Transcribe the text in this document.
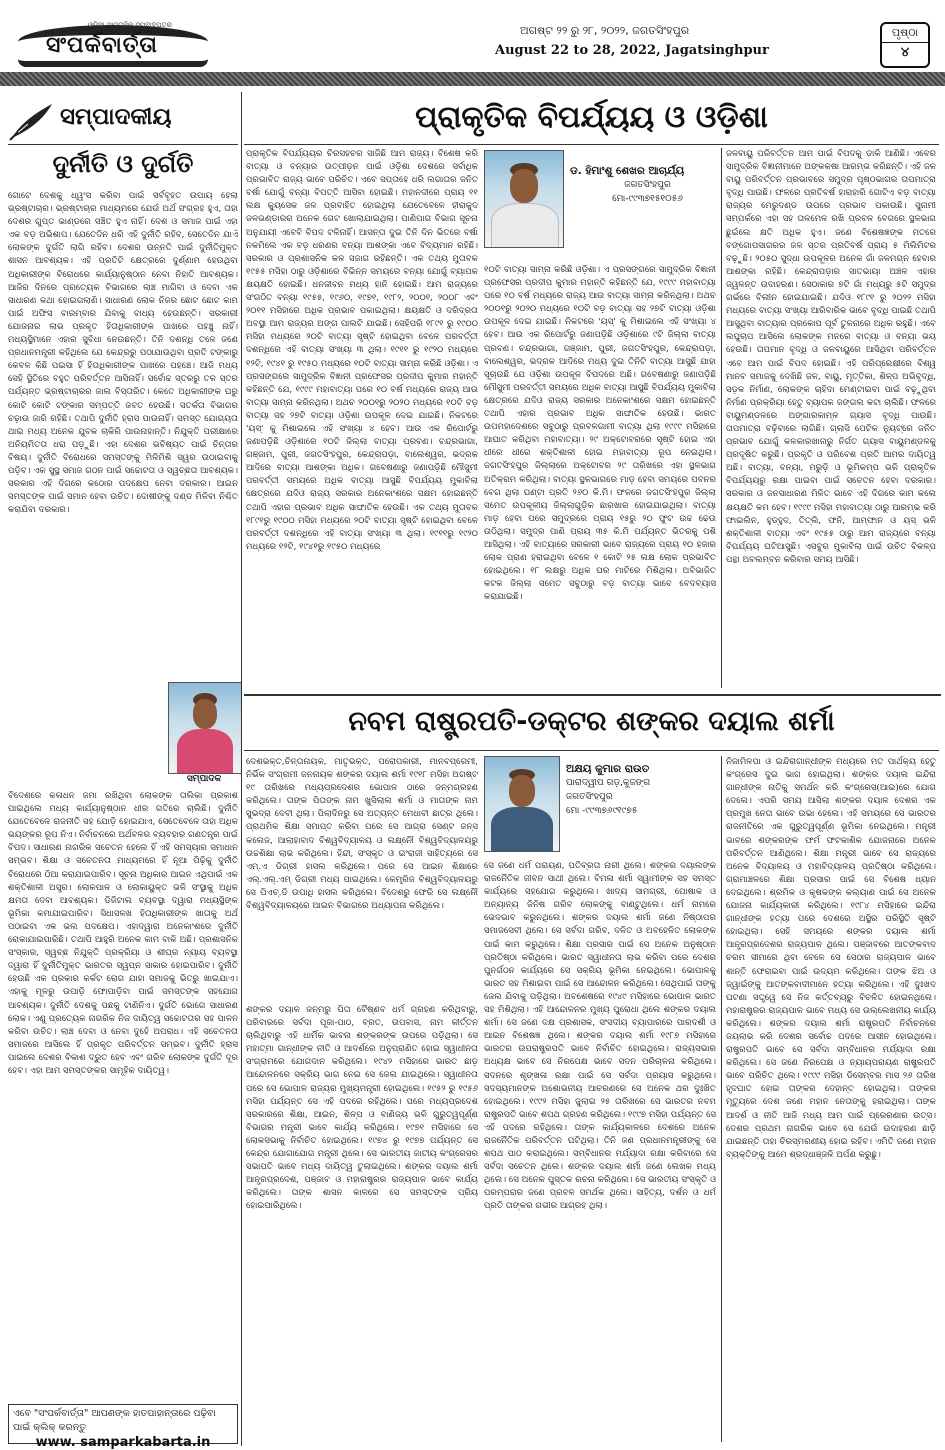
ଓଡ଼ିଆ ସାପ୍ତାହିକ ସମ୍ବାଦପତ୍ର
ସଂପର୍କବାର୍ତ୍ତା
ଅଗଷ୍ଟ ୨୨ ରୁ ୨୮, ୨୦୨୨, ଜଗତସିଂହପୁର
August 22 to 28, 2022, Jagatsinghpur
ପୃଷ୍ଠା
୪
ସମ୍ପାଦକୀୟ
ଦୁର୍ନୀତି ଓ ଦୁର୍ଗତି
ଗୋଟେ ଦେଶକୁ ଧ୍ୱଂସ କରିବା ପାଇଁ ସର୍ବବୃହତ ଉପାୟ ହେଲା ଭ୍ରଷ୍ଟାଚାର। ଭ୍ରଷ୍ଟାଚାର ମାଧ୍ୟମରେ ଯେଉଁ ଅର୍ଥ ସଂଗ୍ରହ ହୁଏ, ତାହା ଦେଶର ଗୁପ୍ତ ଭାଣ୍ଡରେ ସଞ୍ଚିତ ହୁଏ ନାହିଁ। ଦେଶ ଓ ସମାଜ ପାଇଁ ଏହା ଏକ ବଡ଼ ଅଭିଶାପ। ଯେତେଦିନ ଧରି ଏହି ଦୁର୍ନୀତି ରହିବ, ସେତେଦିନ ଯାଏଁ ଲୋକଙ୍କ ଦୁର୍ଗତି ଲାଗି ରହିବ। ଦେଶର ଉନ୍ନତି ପାଇଁ ଦୁର୍ନୀତିମୁକ୍ତ ଶାସନ ଆବଶ୍ୟକ। ଏହି ପ୍ରତିଟି କ୍ଷେତ୍ରରେ ଦୁର୍ଣ୍ଣାମ ହେଉଥିବା ଅଧିକାରୀଙ୍କ ବିରୋଧରେ କାର୍ଯ୍ୟାନୁଷ୍ଠାନ ନେବା ନିହାତି ଆବଶ୍ୟକ। ଆଜିର ଦିନରେ ପ୍ରତ୍ୟେକ ବିଭାଗରେ ଲାଞ୍ଚ ମାଗିବା ଓ ଦେବା ଏକ ସାଧାରଣ କଥା ହୋଇଗଲାଣି। ସାଧାରଣ ଲୋକ ନିଜର ଛୋଟ ଛୋଟ କାମ ପାଇଁ ଅଫିସ ବାରମ୍ବାର ଯିବାକୁ ବାଧ୍ୟ ହେଉଛନ୍ତି। ସରକାରୀ ଯୋଜନାର ଲାଭ ପ୍ରକୃତ ହିତାଧିକାରୀଙ୍କ ପାଖରେ ପହଞ୍ଚୁ ନାହିଁ। ମଧ୍ୟସ୍ଥିମାନେ ଏହାର ସୁବିଧା ନେଉଛନ୍ତି। ତିନି ଦଶନ୍ଧି ତଳେ ଜଣେ ପ୍ରଧାନମନ୍ତ୍ରୀ କହିଥିଲେ ଯେ କେନ୍ଦ୍ରରୁ ପଠାଯାଉଥିବା ପ୍ରତି ଟଙ୍କାରୁ କେବଳ କିଛି ପଇସା ହିଁ ହିତାଧିକାରୀଙ୍କ ପାଖରେ ପହଞ୍ଚେ। ଆଜି ମଧ୍ୟ ସେହି ସ୍ଥିତିରେ ବହୁତ ପରିବର୍ତ୍ତନ ଆସିନାହିଁ। ସର୍ବୋଚ୍ଚ ସ୍ତରରୁ ତଳ ସ୍ତର ପର୍ଯ୍ୟନ୍ତ ଭ୍ରଷ୍ଟାଚାରର ଜାଲ ବିସ୍ତାରିତ। କେତେ ଅଧିକାରୀଙ୍କ ଘରୁ କୋଟି କୋଟି ଟଙ୍କାର ସମ୍ପତ୍ତି ଜବତ ହେଉଛି। ସତର୍କତା ବିଭାଗର ଚଢ଼ାଉ ଜାରି ରହିଛି। ତଥାପି ଦୁର୍ନୀତି ହ୍ରାସ ପାଉନାହିଁ। ସମସ୍ତ ଯୋଗ୍ୟତା ଥାଇ ମଧ୍ୟ ଅନେକ ଯୁବକ ଚାକିରି ପାଉନାହାନ୍ତି। ନିଯୁକ୍ତି ପରୀକ୍ଷାରେ ଅନିୟମିତତା ଧରା ପଡ଼ୁଛି। ଏହା ଦେଶର ଭବିଷ୍ୟତ ପାଇଁ ଚିନ୍ତାର ବିଷୟ। ଦୁର୍ନୀତି ବିରୋଧରେ ସମସ୍ତଙ୍କୁ ମିଳିମିଶି ସ୍ୱର ଉଠାଇବାକୁ ପଡ଼ିବ। ଏକ ସୁସ୍ଥ ସମାଜ ଗଠନ ପାଇଁ ସଚ୍ଚୋଟତା ଓ ସ୍ୱଚ୍ଛତା ଆବଶ୍ୟକ। ସରକାର ଏହି ଦିଗରେ କଠୋର ପଦକ୍ଷେପ ନେବା ଦରକାର। ଆଇନ ସମସ୍ତଙ୍କ ପାଇଁ ସମାନ ହେବା ଉଚିତ। ଦୋଷୀଙ୍କୁ ଦଣ୍ଡ ମିଳିବା ନିଶ୍ଚିତ କରାଯିବା ଦରକାର।
ସମ୍ପାଦକ
ବିଦେଶରେ କଳାଧନ ଜମା ରଖିଥିବା ଲୋକଙ୍କ ତାଲିକା ପ୍ରକାଶ ପାଇଥିଲେ ମଧ୍ୟ କାର୍ଯ୍ୟାନୁଷ୍ଠାନ ଧୀର ଗତିରେ ଚାଲିଛି। ଦୁର୍ନୀତି ଯେତେବେଳେ ରାଜନୀତି ସହ ଯୋଡ଼ି ହୋଇଯାଏ, ସେତେବେଳେ ତାହା ଅଧିକ ଭୟଙ୍କର ରୂପ ନିଏ। ନିର୍ବାଚନରେ ଅର୍ଥବଳର ବ୍ୟବହାର ଗଣତନ୍ତ୍ର ପାଇଁ ବିପଦ। ସାଧାରଣ ନାଗରିକ ସଚେତନ ହେଲେ ହିଁ ଏହି ସମସ୍ୟାର ସମାଧାନ ସମ୍ଭବ। ଶିକ୍ଷା ଓ ସଚେତନତା ମାଧ୍ୟମରେ ହିଁ ନୂଆ ପିଢ଼ିକୁ ଦୁର୍ନୀତି ବିରୋଧରେ ଠିଆ କରାଯାଇପାରିବ। ସୂଚନା ଅଧିକାର ଆଇନ ଏଥିପାଇଁ ଏକ ଶକ୍ତିଶାଳୀ ଅସ୍ତ୍ର। ଲୋକପାଳ ଓ ଲୋକାୟୁକ୍ତ ଭଳି ସଂସ୍ଥାକୁ ଅଧିକ କ୍ଷମତା ଦେବା ଆବଶ୍ୟକ। ଡିଜିଟାଲ ବ୍ୟବସ୍ଥା ଦ୍ୱାରା ମଧ୍ୟସ୍ଥିଙ୍କ ଭୂମିକା କମାଯାଇପାରିବ। ସିଧାସଳଖ ହିତାଧିକାରୀଙ୍କ ଖାତାକୁ ଅର୍ଥ ପଠାଇବା ଏକ ଭଲ ପଦକ୍ଷେପ। ଏହାଦ୍ୱାରା ଅନେକାଂଶରେ ଦୁର୍ନୀତି ରୋକାଯାଇପାରିଛି। ତଥାପି ଆହୁରି ଅନେକ କାମ ବାକି ଅଛି। ପ୍ରଶାସନିକ ସଂସ୍କାର, ସ୍ୱଚ୍ଛ ନିଯୁକ୍ତି ପ୍ରକ୍ରିୟା ଓ ଶୀଘ୍ର ନ୍ୟାୟ ବ୍ୟବସ୍ଥା ଦ୍ୱାରା ହିଁ ଦୁର୍ନୀତିମୁକ୍ତ ଭାରତର ସ୍ୱପ୍ନ ସାକାର ହୋଇପାରିବ। ଦୁର୍ନୀତି ହେଉଛି ଏକ ପ୍ରକାର କର୍କଟ ରୋଗ ଯାହା ସମାଜକୁ ଭିତରୁ ଖାଇଯାଏ। ଏହାକୁ ମୂଳରୁ ଉପାଡ଼ି ଫୋପାଡ଼ିବା ପାଇଁ ସମସ୍ତଙ୍କ ସହଯୋଗ ଆବଶ୍ୟକ। ଦୁର୍ନୀତି ଦେଶକୁ ପଛକୁ ଟାଣିନିଏ। ଦୁର୍ଗତି ଭୋଗେ ସାଧାରଣ ଲୋକ। ଏଣୁ ପ୍ରତ୍ୟେକ ନାଗରିକ ନିଜ ଦାୟିତ୍ୱ ସଚ୍ଚୋଟତାର ସହ ପାଳନ କରିବା ଉଚିତ। ଲାଞ୍ଚ ଦେବା ଓ ନେବା ଦୁହେଁ ଅପରାଧ। ଏହି ସଚେତନତା ସମାଜରେ ଆସିଲେ ହିଁ ପ୍ରକୃତ ପରିବର୍ତ୍ତନ ସମ୍ଭବ। ଦୁର୍ନୀତି ହ୍ରାସ ପାଇଲେ ଦେଶର ବିକାଶ ଦ୍ରୁତ ହେବ ଏବଂ ଗରିବ ଲୋକଙ୍କ ଦୁର୍ଗତି ଦୂର ହେବ। ଏହା ଆମ ସମସ୍ତଙ୍କର ସାମୂହିକ ଦାୟିତ୍ୱ।
ଏବେ "ସଂପର୍କବାର୍ତ୍ତା" ଆପଣଙ୍କ ହାତପାହାନ୍ତାରେ ପଢ଼ିବା ପାଇଁ କ୍ଲିକ୍ କରନ୍ତୁ
www. samparkabarta.in
ପ୍ରାକୃତିକ ବିପର୍ଯ୍ୟୟ ଓ ଓଡ଼ିଶା
ପ୍ରାକୃତିକ ବିପର୍ଯ୍ୟୟର ଚିରସହଚର ସାଜିଛି ଆମ ରାଜ୍ୟ। ବିଶେଷ କରି ବାତ୍ୟା ଓ ବନ୍ୟାର ଉତ୍ପୀଡ଼ନ ପାଇଁ ଓଡ଼ିଶା ଦେଶରେ ସର୍ବାଧିକ ପ୍ରଭାବିତ ରାଜ୍ୟ ଭାବେ ପରିଚିତ। ଏବେ ସପ୍ତାହେ ଧରି ଲଗାତାର ଜନିତ ବର୍ଷା ଯୋଗୁଁ ବନ୍ୟା ବିପତ୍ତି ଆସିବା ହୋଇଛି। ମହାନଦୀରେ ପ୍ରାୟ ୧୧ ଲକ୍ଷ କ୍ୟୁସେକ ଜଳ ପ୍ରବାହିତ ହୋଇଥିଲା ଯେତେବେଳେ ହୀରାକୁଦ ଜଳଭଣ୍ଡାରର ଅନେକ ଗେଟ ଖୋଲାଯାଇଥିଲା। ପାଣିପାଗ ବିଭାଗ ସୂଚନା ଅନୁଯାୟୀ ଏବେବି ବିପଦ ଟଳିନାହିଁ। ଆସନ୍ତା ଦୁଇ ତିନି ଦିନ ଭିତରେ ବର୍ଷା ନକମିଲେ ଏକ ବଡ଼ ଧରଣର ବନ୍ୟା ଆଶଙ୍କା ଏବେ ବିଦ୍ୟମାନ ରହିଛି। ସରକାର ଓ ପ୍ରଶାସନିକ କଳ ସଜାଗ ରହିଛନ୍ତି। ଏକ ତଥ୍ୟ ମୁତାବକ ୧୯୫୫ ମସିହା ଠାରୁ ଓଡ଼ିଶାରେ ବିଭିନ୍ନ ସମୟରେ ବନ୍ୟା ଯୋଗୁଁ ବ୍ୟାପକ କ୍ଷୟକ୍ଷତି ହୋଇଛି। ଧନଜୀବନ ମଧ୍ୟ ହାନି ହୋଇଛି। ଆମ ରାଜ୍ୟରେ ସଂଗଠିତ ବନ୍ୟା ୧୯୫୫, ୧୯୬୦, ୧୯୭୧, ୧୯୮୨, ୨୦୦୧, ୨୦୦୮ ଏବଂ ୨୦୧୧ ମସିହାରେ ଅଧିକ ପ୍ରଭାବ ପକାଇଥିଲା। କ୍ଷୟକ୍ଷତି ଓ ଦରିଦ୍ରତା ଅବସ୍ଥା ଆମ ରାଜ୍ୟର ଅଙ୍ଗ ପାଲଟି ଯାଇଛି। ସେହିପରି ୧୮୯୧ ରୁ ୧୯୦୦ ମସିହା ମଧ୍ୟରେ ୨୦ଟି ବାତ୍ୟା ସୃଷ୍ଟି ହୋଇଥିବା ବେଳେ ପରବର୍ତ୍ତୀ ଦଶନ୍ଧିରେ ଏହି ବାତ୍ୟା ସଂଖ୍ୟା ୩ ଥିଲା। ୧୯୧୧ ରୁ ୧୯୨୦ ମଧ୍ୟରେ ୧୨ଟି, ୧୯୪୧ ରୁ ୧୯୫୦ ମଧ୍ୟରେ ୧୦ଟି ବାତ୍ୟା ସାମ୍ନା କରିଛି ଓଡ଼ିଶା। ଏ ପ୍ରସଙ୍ଗରେ ସାମୁଦ୍ରିକ ବିଜ୍ଞାନୀ ପ୍ରଫେସର ପ୍ରଦୀପ କୁମାର ମହାନ୍ତି କହିଛନ୍ତି ଯେ, ୧୯୯୯ ମହାବାତ୍ୟା ପରେ ୧୦ ବର୍ଷ ମଧ୍ୟରେ ରାଜ୍ୟ ଆଉ ବାତ୍ୟା ସାମ୍ନା କରିନଥିଲା। ଅଥଚ ୨୦୦୧ରୁ ୨୦୨୦ ମଧ୍ୟରେ ୧୦ଟି ବଡ଼ ବାତ୍ୟା ସହ ୨୭ଟି ବାତ୍ୟା ଓଡ଼ିଶା ଉପକୂଳ ଦେଇ ଯାଇଛି। ନିକଟରେ 'ୟସ୍' କୁ ମିଶାଇଲେ ଏହି ସଂଖ୍ୟା ୪ ହେବ। ଆଉ ଏକ ରିପୋର୍ଟରୁ ଜଣାପଡ଼ିଛି ଓଡ଼ିଶାରେ ୧୦ଟି ଜିଲ୍ଲା ବାତ୍ୟା ପ୍ରବଣ। ଚନ୍ଦ୍ରଭାଗା, ଗଞ୍ଜାମ, ପୁରୀ, ଜଗତସିଂହପୁର, କେନ୍ଦ୍ରାପଡ଼ା, ବାଲେଶ୍ୱର, ଭଦ୍ରକ ଆଦିରେ ବାତ୍ୟା ଆଶଙ୍କା ଅଧିକ। ଗବେଷଣାରୁ ଜଣାପଡ଼ିଛି ମୌସୁମୀ ପରବର୍ତ୍ତୀ ସମୟରେ ଅଧିକ ବାତ୍ୟା ଆସୁଛି ବିପର୍ଯ୍ୟୟ ମୁକାବିଲା କ୍ଷେତ୍ରରେ ଯଦିଓ ରାଜ୍ୟ ସରକାର ଅନେକାଂଶରେ ସକ୍ଷମ ହୋଇଛନ୍ତି ତଥାପି ଏହାର ପ୍ରଭାବ ଅଧିକ ସାଙ୍ଘାତିକ ହେଉଛି। ଏକ ତଥ୍ୟ ମୁତାବକ ୧୮୯୧ରୁ ୧୯୦୦ ମସିହା ମଧ୍ୟରେ ୨୦ଟି ବାତ୍ୟା ସୃଷ୍ଟି ହୋଇଥିବା ବେଳେ ପରବର୍ତ୍ତୀ ଦଶନ୍ଧିରେ ଏହି ବାତ୍ୟା ସଂଖ୍ୟା ୩ ଥିଲା। ୧୯୧୧ରୁ ୧୯୨୦ ମଧ୍ୟରେ ୧୨ଟି, ୧୯୪୧ରୁ ୧୯୫୦ ମଧ୍ୟରେ
ଡ. ହିମାଂଶୁ ଶେଖର ଆଚାର୍ଯ୍ୟ
ଜଗତସିଂହପୁର
ମୋ-୯୯୩୭୧୫୧୦୫୬
୧୦ଟି ବାତ୍ୟା ସାମ୍ନା କରିଛି ଓଡ଼ିଶା। ଏ ପ୍ରସଙ୍ଗରେ ସାମୁଦ୍ରିକ ବିଜ୍ଞାନୀ ପ୍ରଫେସର ପ୍ରଦୀପ କୁମାର ମହାନ୍ତି କହିଛନ୍ତି ଯେ, ୧୯୯୯ ମହାବାତ୍ୟା ପରେ ୧୦ ବର୍ଷ ମଧ୍ୟରେ ରାଜ୍ୟ ଆଉ ବାତ୍ୟା ସାମ୍ନା କରିନଥିଲା। ଅଥଚ ୨୦୦୧ରୁ ୨୦୨୦ ମଧ୍ୟରେ ୧୦ଟି ବଡ଼ ବାତ୍ୟା ସହ ୨୭ଟି ବାତ୍ୟା ଓଡ଼ିଶା ଉପକୂଳ ଦେଇ ଯାଇଛି। ନିକଟରେ 'ୟସ୍' କୁ ମିଶାଇଲେ ଏହି ସଂଖ୍ୟା ୪ ହେବ। ଆଉ ଏକ ରିପୋର୍ଟରୁ ଜଣାପଡ଼ିଛି ଓଡ଼ିଶାରେ ୯ଟି ଜିଲ୍ଲା ବାତ୍ୟା ପ୍ରବଣ। ଚନ୍ଦ୍ରଭାଗା, ଗଞ୍ଜାମ, ପୁରୀ, ଜଗତସିଂହପୁର, କେନ୍ଦ୍ରାପଡ଼ା, ବାଲେଶ୍ୱର, ଭଦ୍ରକ ଆଦିରେ ମଧ୍ୟ ଦୁଇ ତିନିଟି ବାତ୍ୟା ଆସୁଛି ଯାହା ସୂଚାଉଛି ଯେ ଓଡ଼ିଶା ଉପକୂଳ ବିପଦରେ ଅଛି। ଗବେଷଣାରୁ ଜଣାପଡ଼ିଛି ମୌସୁମୀ ପରବର୍ତ୍ତୀ ସମୟରେ ଅଧିକ ବାତ୍ୟା ଆସୁଛି ବିପର୍ଯ୍ୟୟ ମୁକାବିଲା କ୍ଷେତ୍ରରେ ଯଦିଓ ରାଜ୍ୟ ସରକାର ଅନେକାଂଶରେ ସକ୍ଷମ ହୋଇଛନ୍ତି ତଥାପି ଏହାର ପ୍ରଭାବ ଅଧିକ ସାଙ୍ଘାତିକ ହେଉଛି। ଭାରତ ଉପମହାଦେଶରେ ସବୁଠାରୁ ପ୍ରବଳଗାମୀ ବାତ୍ୟା ଥିଲା ୧୯୯୯ ମସିହାରେ ଆଘାତ କରିଥିବା ମହାବାତ୍ୟା। ୨୯ ଅକ୍ଟୋବରରେ ସୃଷ୍ଟି ହୋଇ ଏହା ଧୀରେ ଧୀରେ ଶକ୍ତିଶାଳୀ ହୋଇ ମହାବାତ୍ୟା ରୂପ ନେଇଥିଲା। ଜଗତସିଂହପୁର ଜିଲ୍ଲାରେ ଅକ୍ଟୋବର ୨୯ ତାରିଖରେ ଏହା ସ୍ଥଳଭାଗ ଅତିକ୍ରମ କରିଥିଲା। ବାତ୍ୟା ସ୍ଥଳଭାଗରେ ମାଡ଼ ହେବା ସମୟରେ ପବନର ବେଗ ଥିଲା ଘଣ୍ଟା ପ୍ରତି ୨୬୦ କି.ମି। ଫଳରେ ଜଗତସିଂହପୁର ଜିଲ୍ଲା ସମେତ ଉପକୂଳୀୟ ଜିଲ୍ଲାଗୁଡ଼ିକ ଛାରଖାର ହୋଇଯାଇଥିଲା। ବାତ୍ୟା ମାଡ଼ ହେବା ପରେ ସମୁଦ୍ରରେ ପ୍ରାୟ ୧୫ରୁ ୨୦ ଫୁଟ ଉଚ୍ଚ ଢେଉ ଉଠିଥିଲା। ସମୁଦ୍ର ପାଣି ପ୍ରାୟ ୩୫ କି.ମି ପର୍ଯ୍ୟନ୍ତ ଭିତରକୁ ପଶି ଆସିଥିଲା। ଏହି ବାତ୍ୟାରେ ସରକାରୀ ଭାବେ ରାଜ୍ୟରେ ପ୍ରାୟ ୧୦ ହଜାର ଲୋକ ପ୍ରାଣ ହରାଇଥିବା ବେଳେ ୧ କୋଟି ୨୫ ଲକ୍ଷ ଲୋକ ପ୍ରଭାବିତ ହୋଇଥିଲେ। ୧୮ ଲକ୍ଷରୁ ଅଧିକ ଘର ମାଟିରେ ମିଶିଥିଲା। ଅବିଭାଜିତ କଟକ ଜିଲ୍ଲା ସମେତ ସବୁଠାରୁ ବଡ଼ ବାତ୍ୟା ଭାବେ ବେଦବ୍ୟାସ କରାଯାଇଛି।
ଜଳବାୟୁ ପରିବର୍ତ୍ତନ ଆମ ପାଇଁ ବିପଦକୁ ଡାକି ଆଣିଛି। ଏବେର ସାମୁଦ୍ରିକ ବିଜ୍ଞାନୀମାନେ ଅଙ୍କକଷା ଆରମ୍ଭ କରିଛନ୍ତି। ଏହି ଜଳ ବାୟୁ ପରିବର୍ତ୍ତନ ପ୍ରଭାବରେ ସମୁଦ୍ର ପୃଷ୍ଠଭାଗର ତାପମାତ୍ରା ବୃଦ୍ଧି ପାଉଛି। ଫଳରେ ପ୍ରତିବର୍ଷ ହାରାହାରି ଗୋଟିଏ ବଡ଼ ବାତ୍ୟା ରାଜ୍ୟର ମେରୁଦଣ୍ଡ ଉପରେ ପ୍ରଭାବ ପକାଉଛି। ସୁନାମୀ ସମ୍ପର୍କରେ ଏହା ସହ ତାଳମେଳ ରଖି ପ୍ରବଳ ବେଗରେ ସ୍ଥଳଭାଗ ଛୁଇଁଲେ କ୍ଷତି ଅଧିକ ହୁଏ। ଜଣେ ବିଶେଷଜ୍ଞଙ୍କ ମତରେ ବଙ୍ଗୋପସାଗରର ଜଳ ସ୍ତର ପ୍ରତିବର୍ଷ ପ୍ରାୟ ୫ ମିଲିମିଟର ବଢ଼ୁଛି। ୨୦୫୦ ସୁଦ୍ଧା ଉପକୂଳର ଅନେକ ଗାଁ ଜଳମଗ୍ନ ହେବାର ଆଶଙ୍କା ରହିଛି। କେନ୍ଦ୍ରାପଡ଼ାର ସାତଭାୟା ଅଞ୍ଚଳ ଏହାର ଜ୍ୱଳନ୍ତ ଉଦାହରଣ। ସେଠାକାର ୭ଟି ଗାଁ ମଧ୍ୟରୁ ୫ଟି ସମୁଦ୍ର ଗର୍ଭରେ ବିଲୀନ ହୋଇଯାଇଛି। ଯଦିଓ ୧୮୯୧ ରୁ ୨୦୨୨ ମସିହା ମଧ୍ୟରେ ବାତ୍ୟା ସଂଖ୍ୟା ଆରିବାରିକ ଭାବେ ବୃଦ୍ଧି ପାଇଛି ତଥାପି ଆସୁଥିବା ବାତ୍ୟାର ପ୍ରକୋପ ପୂର୍ବ ତୁଳନାରେ ଅଧିକ ରହୁଛି। ଏବେ ଲଘୁଚାପ ଆସିଲେ ଲୋକଙ୍କ ମନରେ ବାତ୍ୟା ଓ ବନ୍ୟା ଭୟ ହେଉଛି। ତାପମାନ ବୃଦ୍ଧି ଓ ଜଳବାୟୁରେ ଆସିଥିବା ପରିବର୍ତ୍ତନ ଏବେ ଆମ ପାଇଁ ବିପଦ ହୋଇଛି। ଏହି ପରିପ୍ରେକ୍ଷୀରେ ବିଶ୍ୱ ମାନବ ସମାଜକୁ ଦେଖିଛି ଜଳ, ବାୟୁ, ମୃତ୍ତିକା, ଶିଳ୍ପ ଅଭିବୃଦ୍ଧି, ସଡ଼କ ନିର୍ମାଣ, ଲୋକଙ୍କ ଚାହିଦା ମେଣ୍ଟାଇବା ପାଇଁ ବଢ଼ୁଥିବା ନିର୍ମାଣ ପ୍ରକ୍ରିୟା ହେତୁ ବ୍ୟାପକ ଜଙ୍ଗଲ କଟା ଚାଲିଛି। ଫଳରେ ବାୟୁମଣ୍ଡଳରେ ଅଙ୍ଗାରକାମ୍ଳ ଗ୍ୟାସ ବୃଦ୍ଧି ପାଉଛି। ତାପମାତ୍ରା ବଢ଼ିବାରେ ଲାଗିଛି। ଗ୍ଲାସି ପେଟିକ ନ୍ୟୁଟ୍ରେ ଜନିତ ପ୍ରଭାବ ଯୋଗୁଁ କଳକାରଖାନାରୁ ନିର୍ଗତ ଗ୍ୟାସ ବାୟୁମଣ୍ଡଳକୁ ପ୍ରଦୂଷିତ କରୁଛି। ପ୍ରକୃତି ଓ ପରିବେଶ ପ୍ରତି ଆମର ଦାୟିତ୍ୱ ଅଛି। ବାତ୍ୟା, ବନ୍ୟା, ମରୁଡ଼ି ଓ ଭୂମିକମ୍ପ ଭଳି ପ୍ରାକୃତିକ ବିପର୍ଯ୍ୟୟରୁ ରକ୍ଷା ପାଇବା ପାଇଁ ସଚେତନ ହେବା ଦରକାର। ସରକାର ଓ ଜନସାଧାରଣ ମିଳିତ ଭାବେ ଏହି ଦିଗରେ କାମ କଲେ କ୍ଷୟକ୍ଷତି କମ ହେବ। ୧୯୯୯ ମସିହା ମହାବାତ୍ୟା ଠାରୁ ଆରମ୍ଭ କରି ଫାଇଲିନ, ହୁଡ୍‌ହୁଦ, ତିତ୍‌ଲି, ଫନି, ଆମ୍ଫାନ ଓ ୟସ୍ ଭଳି ଶକ୍ତିଶାଳୀ ବାତ୍ୟା ଏବଂ ୧୯୫୫ ଠାରୁ ଆମ ରାଜ୍ୟରେ ବନ୍ୟା ବିପର୍ଯ୍ୟୟ ଘଟିଆସୁଛି। ଏସବୁର ମୁକାବିଲା ପାଇଁ ଉଚିତ ବିକଳ୍ପ ପନ୍ଥା ଅବଲମ୍ବନ କରିବାର ସମୟ ଆସିଛି।
ନବମ ରାଷ୍ଟ୍ରପତି-ଡକ୍ଟର ଶଙ୍କର ଦୟାଲ ଶର୍ମା
ଦେଶଭକ୍ତ,ଚିନ୍ତାନାୟକ, ମାତୃଭକ୍ତ, ପରୋପକାରୀ, ମାନବପ୍ରେମୀ, ନିର୍ଭିକ ସଂଗ୍ରାମୀ ଜନନାୟକ ଶଙ୍କର ଦୟାଲ ଶର୍ମା ୧୯୧୮ ମସିହା ଅଗଷ୍ଟ ୧୯ ତାରିଖରେ ମଧ୍ୟପ୍ରଦେଶର ଭୋପାଳ ଠାରେ ଜନ୍ମଗ୍ରହଣ କରିଥିଲେ। ତାଙ୍କ ପିତାଙ୍କ ନାମ ଖୁସିଲାଲ ଶର୍ମା ଓ ମାତାଙ୍କ ନାମ ସୁଭଦ୍ରା ଦେବୀ ଥିଲା। ପିଲାଦିନରୁ ସେ ଅତ୍ୟନ୍ତ ମେଧାବୀ ଛାତ୍ର ଥିଲେ। ପ୍ରାଥମିକ ଶିକ୍ଷା ସମାପ୍ତ କରିବା ପରେ ସେ ଆଗ୍ରା ସେଣ୍ଟ ଜନ୍ସ କଲେଜ, ଆଲାହାବାଦ ବିଶ୍ୱବିଦ୍ୟାଳୟ ଓ ଲକ୍ଷ୍ନୌ ବିଶ୍ୱବିଦ୍ୟାଳୟରୁ ଉଚ୍ଚଶିକ୍ଷା ଲାଭ କରିଥିଲେ। ହିନ୍ଦୀ, ସଂସ୍କୃତ ଓ ଇଂରାଜୀ ସାହିତ୍ୟରେ ସେ ଏମ୍.ଏ ଡିଗ୍ରୀ ହାସଲ କରିଥିଲେ। ପରେ ସେ ଆଇନ ଶିକ୍ଷାରେ ଏଲ୍.ଏଲ୍.ଏମ୍ ଡିଗ୍ରୀ ମଧ୍ୟ ପାଇଥିଲେ। କେମ୍ବ୍ରିଜ ବିଶ୍ୱବିଦ୍ୟାଳୟରୁ ସେ ପିଏଚ୍.ଡି ଉପାଧି ହାସଲ କରିଥିଲେ। ବିଦେଶରୁ ଫେରି ସେ ଲକ୍ଷ୍ନୌ ବିଶ୍ୱବିଦ୍ୟାଳୟରେ ଆଇନ ବିଭାଗରେ ଅଧ୍ୟାପନା କରିଥିଲେ।
ଶଙ୍କର ଦୟାଳ ଜନ୍ମରୁ ପିତା ବୈଷ୍ଣବ ଧର୍ମ ଗ୍ରହଣ କରିଥିବାରୁ, ପରିବାରରେ ସର୍ବଦା ପୂଜା-ପାଠ, ବ୍ରତ, ଉପବାସ, ନାମ କୀର୍ତ୍ତନ ଚାଲିଥିବାରୁ ଏହି ଧାର୍ମିକ ଭାବନା ଶଙ୍କରଙ୍କ ଉପରେ ପଡ଼ିଥିଲା। ସେ ମହାତ୍ମା ଗାନ୍ଧୀଙ୍କ ନୀତି ଓ ଆଦର୍ଶରେ ଅନୁପ୍ରାଣିତ ହୋଇ ସ୍ୱାଧୀନତା ସଂଗ୍ରାମରେ ଯୋଗଦାନ କରିଥିଲେ। ୧୯୪୨ ମସିହାରେ ଭାରତ ଛାଡ଼ ଆନ୍ଦୋଳନରେ ସକ୍ରିୟ ଭାଗ ନେଇ ସେ ଜେଲ ଯାଇଥିଲେ। ସ୍ୱାଧୀନତା ପରେ ସେ ଭୋପାଳ ରାଜ୍ୟର ମୁଖ୍ୟମନ୍ତ୍ରୀ ହୋଇଥିଲେ। ୧୯୫୨ ରୁ ୧୯୫୬ ମସିହା ପର୍ଯ୍ୟନ୍ତ ସେ ଏହି ପଦରେ ରହିଥିଲେ। ପରେ ମଧ୍ୟପ୍ରଦେଶ ସରକାରରେ ଶିକ୍ଷା, ଆଇନ, ଶିଳ୍ପ ଓ ବାଣିଜ୍ୟ ଭଳି ଗୁରୁତ୍ୱପୂର୍ଣ୍ଣ ବିଭାଗର ମନ୍ତ୍ରୀ ଭାବେ କାର୍ଯ୍ୟ କରିଥିଲେ। ୧୯୭୧ ମସିହାରେ ସେ ଲୋକସଭାକୁ ନିର୍ବାଚିତ ହୋଇଥିଲେ। ୧୯୭୪ ରୁ ୧୯୭୭ ପର୍ଯ୍ୟନ୍ତ ସେ କେନ୍ଦ୍ର ଯୋଗାଯୋଗ ମନ୍ତ୍ରୀ ଥିଲେ। ସେ ଭାରତୀୟ ଜାତୀୟ କଂଗ୍ରେସର ସଭାପତି ଭାବେ ମଧ୍ୟ ଦାୟିତ୍ୱ ତୁଲାଇଥିଲେ। ଶଙ୍କର ଦୟାଲ ଶର୍ମା ଆନ୍ଧ୍ରପ୍ରଦେଶ, ପଞ୍ଜାବ ଓ ମହାରାଷ୍ଟ୍ରର ରାଜ୍ୟପାଳ ଭାବେ କାର୍ଯ୍ୟ କରିଥିଲେ। ତାଙ୍କ ଶାସନ କାଳରେ ସେ ସମସ୍ତଙ୍କ ପ୍ରିୟ ହୋଇପାରିଥିଲେ।
ଅକ୍ଷୟ କୁମାର ରାଉତ
ପାରାଦ୍ୱୀପ ଗଡ଼,କୁଜଙ୍ଗ
ଜଗତସିଂହପୁର
ମୋ -୯୯୩୭୬୯୧୯୭୫
ସେ ଜଣେ ଧର୍ମ ପରାୟଣ, ପତିବ୍ରତା ନାରୀ ଥିଲେ। ଶଙ୍କର ଦୟାଲଙ୍କ ରାଜନୈତିକ ଜୀବନ ସାଥୀ ଥିଲେ। ବିମଳା ଶର୍ମା ସ୍ୱାମୀଙ୍କ ସହ ସମସ୍ତ କାର୍ଯ୍ୟରେ ସହଯୋଗ କରୁଥିଲେ। ଖାଦ୍ୟ ସାମଗ୍ରୀ, ପୋଷାକ ଓ ଅନ୍ୟାନ୍ୟ ଜିନିଷ ଗରିବ ଲୋକଙ୍କୁ ବାଣ୍ଟୁଥିଲେ। ଧର୍ମ ନାମରେ ଭେଦଭାବ କରୁନଥିଲେ। ଶଙ୍କର ଦୟାଲ ଶର୍ମା ଜଣେ ନିଷ୍ଠାପର ସମାଜସେବୀ ଥିଲେ। ସେ ସର୍ବଦା ଗରିବ, ଦଳିତ ଓ ଅବହେଳିତ ଲୋକଙ୍କ ପାଇଁ କାମ କରୁଥିଲେ। ଶିକ୍ଷା ପ୍ରସାର ପାଇଁ ସେ ଅନେକ ଅନୁଷ୍ଠାନ ପ୍ରତିଷ୍ଠା କରିଥିଲେ। ଭାରତ ସ୍ୱାଧୀନତା ଲାଭ କରିବା ପରେ ଦେଶର ପୁନର୍ଗଠନ କାର୍ଯ୍ୟରେ ସେ ସକ୍ରିୟ ଭୂମିକା ନେଇଥିଲେ। ଭୋପାଳକୁ ଭାରତ ସହ ମିଶାଇବା ପାଇଁ ସେ ଆନ୍ଦୋଳନ କରିଥିଲେ। ସେଥିପାଇଁ ତାଙ୍କୁ ଜେଲ ଯିବାକୁ ପଡ଼ିଥିଲା। ଅବଶେଷରେ ୧୯୪୯ ମସିହାରେ ଭୋପାଳ ଭାରତ ସହ ମିଶିଥିଲା। ଏହି ଆନ୍ଦୋଳନର ମୁଖ୍ୟ ପୁରୋଧା ଥିଲେ ଶଙ୍କର ଦୟାଲ ଶର୍ମା। ସେ ଜଣେ ଦକ୍ଷ ପ୍ରଶାସକ, ସଂସଦୀୟ ବ୍ୟାପାରରେ ପାରଦର୍ଶୀ ଓ ଆଇନ ବିଶେଷଜ୍ଞ ଥିଲେ। ଶଙ୍କର ଦୟାଲ ଶର୍ମା ୧୯୮୭ ମସିହାରେ ଭାରତର ଉପରାଷ୍ଟ୍ରପତି ଭାବେ ନିର୍ବାଚିତ ହୋଇଥିଲେ। ରାଜ୍ୟସଭାର ଅଧ୍ୟକ୍ଷ ଭାବେ ସେ ନିରପେକ୍ଷ ଭାବେ ସଦନ ପରିଚାଳନା କରିଥିଲେ। ସଦନରେ ଶୃଙ୍ଖଳା ରକ୍ଷା ପାଇଁ ସେ ସର୍ବଦା ପ୍ରୟାସ କରୁଥିଲେ। ସଦସ୍ୟମାନଙ୍କ ଅଶୋଭନୀୟ ଆଚରଣରେ ସେ ଅନେକ ଥର ଦୁଃଖିତ ହୋଇଥିଲେ। ୧୯୯୨ ମସିହା ଜୁଲାଇ ୨୫ ତାରିଖରେ ସେ ଭାରତର ନବମ ରାଷ୍ଟ୍ରପତି ଭାବେ ଶପଥ ଗ୍ରହଣ କରିଥିଲେ। ୧୯୯୭ ମସିହା ପର୍ଯ୍ୟନ୍ତ ସେ ଏହି ପଦରେ ରହିଥିଲେ। ତାଙ୍କ କାର୍ଯ୍ୟକାଳରେ ଦେଶରେ ଅନେକ ରାଜନୈତିକ ପରିବର୍ତ୍ତନ ଘଟିଥିଲା। ତିନି ଜଣ ପ୍ରଧାନମନ୍ତ୍ରୀଙ୍କୁ ସେ ଶପଥ ପାଠ କରାଇଥିଲେ। ସମ୍ବିଧାନର ମର୍ଯ୍ୟାଦା ରକ୍ଷା କରିବାରେ ସେ ସର୍ବଦା ସଚେତନ ଥିଲେ। ଶଙ୍କର ଦୟାଲ ଶର୍ମା ଜଣେ ଲେଖକ ମଧ୍ୟ ଥିଲେ। ସେ ଅନେକ ପୁସ୍ତକ ରଚନା କରିଥିଲେ। ସେ ଭାରତୀୟ ସଂସ୍କୃତି ଓ ପରମ୍ପରାର ଜଣେ ପ୍ରବଳ ସମର୍ଥକ ଥିଲେ। ସାହିତ୍ୟ, ଦର୍ଶନ ଓ ଧର୍ମ ପ୍ରତି ତାଙ୍କର ଗଭୀର ଆଗ୍ରହ ଥିଲା।
ନିଜାମିଳପା ଓ ଇନ୍ଦିରାଗାନ୍ଧୀଙ୍କ ମଧ୍ୟରେ ମତ ପାର୍ଥକ୍ୟ ହେତୁ କଂଗ୍ରେସ ଦୁଇ ଭାଗ ହୋଇଥିଲା। ଶଙ୍କର ଦୟାଲ ଇନ୍ଦିରା ଗାନ୍ଧୀଙ୍କ ନାତିକୁ ସମର୍ଥନ କରି କଂଗ୍ରେସ(ଆଇ)ରେ ଯୋଗ ଦେଲେ। ଏପରି ସମୟ ଆସିଲା ଶଙ୍କର ଦୟାଳ ଦେଶର ଏକ ପ୍ରମୁଖ ନେତା ଭାବେ ଉଭା ହେଲେ। ଏହି ସମୟରେ ସେ ଭାରତର ରାଜନୀତିରେ ଏକ ଗୁରୁତ୍ୱପୂର୍ଣ୍ଣ ଭୂମିକା ନେଇଥିଲେ। ମନ୍ତ୍ରୀ ଭାବରେ ଶଙ୍କରଙ୍କ ଫର୍ମ ଫଟକାଶିକ ଯୋଜନାରେ ଅନେକ ପରିବର୍ତ୍ତନ ଆଣିଥିଲେ। ଶିକ୍ଷା ମନ୍ତ୍ରୀ ଭାବେ ସେ ରାଜ୍ୟରେ ଅନେକ ବିଦ୍ୟାଳୟ ଓ ମହାବିଦ୍ୟାଳୟ ପ୍ରତିଷ୍ଠା କରିଥିଲେ। ଗ୍ରାମାଞ୍ଚଳରେ ଶିକ୍ଷା ପ୍ରସାର ପାଇଁ ସେ ବିଶେଷ ଧ୍ୟାନ ଦେଇଥିଲେ। ଶ୍ରମିକ ଓ କୃଷକଙ୍କ କଲ୍ୟାଣ ପାଇଁ ସେ ଅନେକ ଯୋଜନା କାର୍ଯ୍ୟକାରୀ କରିଥିଲେ। ୧୯୮୪ ମସିହାରେ ଇନ୍ଦିରା ଗାନ୍ଧୀଙ୍କ ହତ୍ୟା ପରେ ଦେଶରେ ଅସ୍ଥିର ପରିସ୍ଥିତି ସୃଷ୍ଟି ହୋଇଥିଲା। ସେହି ସମୟରେ ଶଙ୍କର ଦୟାଲ ଶର୍ମା ଆନ୍ଧ୍ରପ୍ରଦେଶର ରାଜ୍ୟପାଳ ଥିଲେ। ପଞ୍ଜାବରେ ଆତଙ୍କବାଦ ଚରମ ସୀମାରେ ଥିବା ବେଳେ ସେ ସେଠାର ରାଜ୍ୟପାଳ ଭାବେ ଶାନ୍ତି ଫେରାଇବା ପାଇଁ ଉଦ୍ୟମ କରିଥିଲେ। ତାଙ୍କ ଝିଅ ଓ ଜ୍ୱାଇଁଙ୍କୁ ଆତଙ୍କବାଦୀମାନେ ହତ୍ୟା କରିଥିଲେ। ଏହି ଦୁଃଖଦ ଘଟଣା ସତ୍ତ୍ୱେ ସେ ନିଜ କର୍ତ୍ତବ୍ୟରୁ ବିଚଳିତ ହୋଇନଥିଲେ। ମହାରାଷ୍ଟ୍ରର ରାଜ୍ୟପାଳ ଭାବେ ମଧ୍ୟ ସେ ଉଲ୍ଲେଖନୀୟ କାର୍ଯ୍ୟ କରିଥିଲେ। ଶଙ୍କର ଦୟାଲ ଶର୍ମା ରାଷ୍ଟ୍ରପତି ନିର୍ବାଚନରେ ଜୟଲାଭ କରି ଦେଶର ସର୍ବୋଚ୍ଚ ପଦରେ ଆସୀନ ହୋଇଥିଲେ। ରାଷ୍ଟ୍ରପତି ଭାବେ ସେ ସର୍ବଦା ସମ୍ବିଧାନର ମର୍ଯ୍ୟାଦା ରକ୍ଷା କରିଥିଲେ। ସେ ଜଣେ ନିରପେକ୍ଷ ଓ ନ୍ୟାୟପରାୟଣ ରାଷ୍ଟ୍ରପତି ଭାବେ ପରିଚିତ ଥିଲେ। ୧୯୯୯ ମସିହା ଡିସେମ୍ବର ମାସ ୨୬ ତାରିଖ ହୃଦଘାତ ହୋଇ ତାଙ୍କର ଦେହାନ୍ତ ହୋଇଥିଲା। ତାଙ୍କର ମୃତ୍ୟୁରେ ଦେଶ ଜଣେ ମହାନ ନେତାଙ୍କୁ ହରାଇଥିଲା। ତାଙ୍କ ଆଦର୍ଶ ଓ ନୀତି ଆଜି ମଧ୍ୟ ଆମ ପାଇଁ ପ୍ରେରଣାର ଉତ୍ସ। ଦେଶର ପ୍ରଥମ ନାଗରିକ ଭାବେ ସେ ଯେଉଁ ଉଦାହରଣ ଛାଡ଼ି ଯାଇଛନ୍ତି ତାହା ଚିରସ୍ମରଣୀୟ ହୋଇ ରହିବ। ଏମିତି ଜଣେ ମହାନ ବ୍ୟକ୍ତିଙ୍କୁ ଆମେ ଶ୍ରଦ୍ଧାଞ୍ଜଳି ଅର୍ପଣ କରୁଛୁ।
